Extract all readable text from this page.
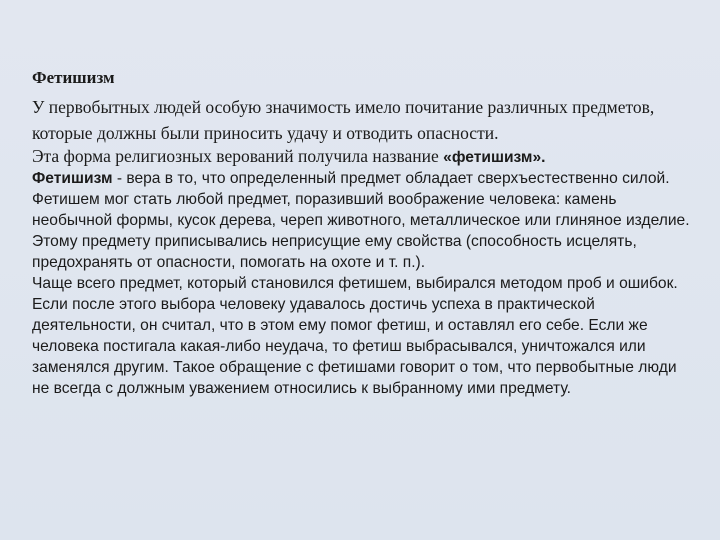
Фетишизм

У первобытных людей особую значимость имело почитание различных предметов, которые должны были приносить удачу и отводить опасности.

Эта форма религиозных верований получила название «фетишизм».
Фетишизм - вера в то, что определенный предмет обладает сверхъестественно силой.

Фетишем мог стать любой предмет, поразивший воображение человека: камень необычной формы, кусок дерева, череп животного, металлическое или глиняное изделие. Этому предмету приписывались неприсущие ему свойства (способность исцелять, предохранять от опасности, помогать на охоте и т. п.).

Чаще всего предмет, который становился фетишем, выбирался методом проб и ошибок. Если после этого выбора человеку удавалось достичь успеха в практической деятельности, он считал, что в этом ему помог фетиш, и оставлял его себе. Если же человека постигала какая-либо неудача, то фетиш выбрасывался, уничтожался или заменялся другим. Такое обращение с фетишами говорит о том, что первобытные люди не всегда с должным уважением относились к выбранному ими предмету.
